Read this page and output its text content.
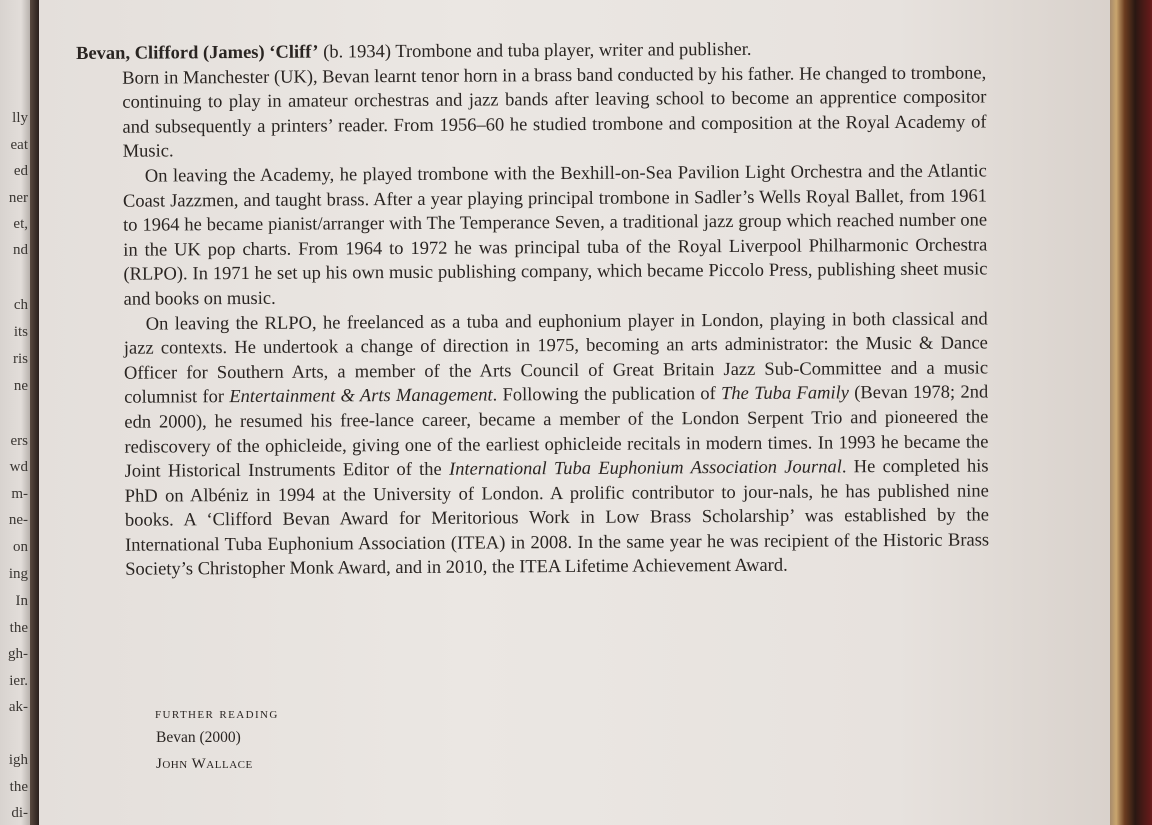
lly
eat
ed
ner
et,
nd
ch
its
ris
ne
ers
wd
m-
ne-
on
ing
In
the
gh-
ier.
ak-
igh
the
di-

Bevan, Clifford (James) ‘Cliff’ (b. 1934) Trombone and tuba player, writer and publisher.

Born in Manchester (UK), Bevan learnt tenor horn in a brass band conducted by his father. He changed to trombone, continuing to play in amateur orchestras and jazz bands after leaving school to become an apprentice compositor and subsequently a printers’ reader. From 1956–60 he studied trombone and composition at the Royal Academy of Music.

On leaving the Academy, he played trombone with the Bexhill-on-Sea Pavilion Light Orchestra and the Atlantic Coast Jazzmen, and taught brass. After a year playing principal trombone in Sadler’s Wells Royal Ballet, from 1961 to 1964 he became pianist/arranger with The Temperance Seven, a traditional jazz group which reached number one in the UK pop charts. From 1964 to 1972 he was principal tuba of the Royal Liverpool Philharmonic Orchestra (RLPO). In 1971 he set up his own music publishing company, which became Piccolo Press, publishing sheet music and books on music.

On leaving the RLPO, he freelanced as a tuba and euphonium player in London, playing in both classical and jazz contexts. He undertook a change of direction in 1975, becoming an arts administrator: the Music & Dance Officer for Southern Arts, a member of the Arts Council of Great Britain Jazz Sub-Committee and a music columnist for Entertainment & Arts Management. Following the publication of The Tuba Family (Bevan 1978; 2nd edn 2000), he resumed his free-lance career, became a member of the London Serpent Trio and pioneered the rediscovery of the ophicleide, giving one of the earliest ophicleide recitals in modern times. In 1993 he became the Joint Historical Instruments Editor of the International Tuba Euphonium Association Journal. He completed his PhD on Albéniz in 1994 at the University of London. A prolific contributor to jour-nals, he has published nine books. A ‘Clifford Bevan Award for Meritorious Work in Low Brass Scholarship’ was established by the International Tuba Euphonium Association (ITEA) in 2008. In the same year he was recipient of the Historic Brass Society’s Christopher Monk Award, and in 2010, the ITEA Lifetime Achievement Award.

further reading
Bevan (2000)
John Wallace
